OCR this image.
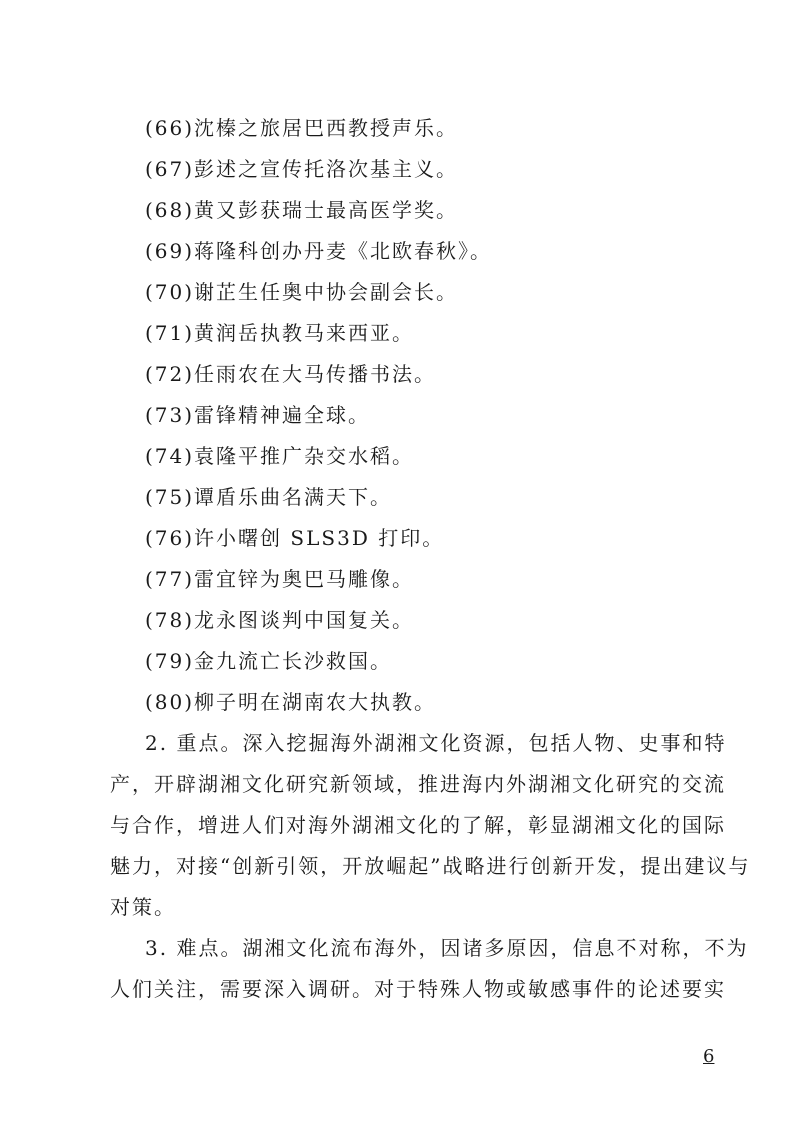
(66)沈榛之旅居巴西教授声乐。
(67)彭述之宣传托洛次基主义。
(68)黄又彭获瑞士最高医学奖。
(69)蒋隆科创办丹麦《北欧春秋》。
(70)谢芷生任奥中协会副会长。
(71)黄润岳执教马来西亚。
(72)任雨农在大马传播书法。
(73)雷锋精神遍全球。
(74)袁隆平推广杂交水稻。
(75)谭盾乐曲名满天下。
(76)许小曙创 SLS3D 打印。
(77)雷宜锌为奥巴马雕像。
(78)龙永图谈判中国复关。
(79)金九流亡长沙救国。
(80)柳子明在湖南农大执教。
2. 重点。深入挖掘海外湖湘文化资源，包括人物、史事和特
产，开辟湖湘文化研究新领域，推进海内外湖湘文化研究的交流
与合作，增进人们对海外湖湘文化的了解，彰显湖湘文化的国际
魅力，对接“创新引领，开放崛起”战略进行创新开发，提出建议与
对策。
3. 难点。湖湘文化流布海外，因诸多原因，信息不对称，不为
人们关注，需要深入调研。对于特殊人物或敏感事件的论述要实
6
